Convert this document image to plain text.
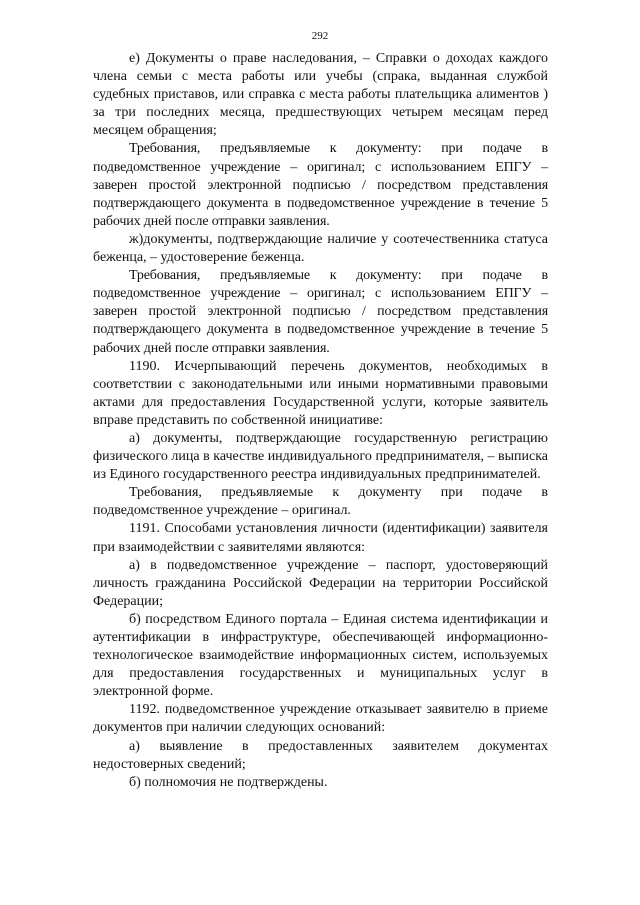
292

е) Документы о праве наследования, – Справки о доходах каждого члена семьи с места работы или учебы (спрака, выданная службой судебных приставов, или справка с места работы плательщика алиментов ) за три последних месяца, предшествующих четырем месяцам перед месяцем обращения;

Требования, предъявляемые к документу: при подаче в подведомственное учреждение – оригинал; с использованием ЕПГУ – заверен простой электронной подписью / посредством представления подтверждающего документа в подведомственное учреждение в течение 5 рабочих дней после отправки заявления.

ж)документы, подтверждающие наличие у соотечественника статуса беженца, – удостоверение беженца.

Требования, предъявляемые к документу: при подаче в подведомственное учреждение – оригинал; с использованием ЕПГУ – заверен простой электронной подписью / посредством представления подтверждающего документа в подведомственное учреждение в течение 5 рабочих дней после отправки заявления.

1190. Исчерпывающий перечень документов, необходимых в соответствии с законодательными или иными нормативными правовыми актами для предоставления Государственной услуги, которые заявитель вправе представить по собственной инициативе:

а) документы, подтверждающие государственную регистрацию физического лица в качестве индивидуального предпринимателя, – выписка из Единого государственного реестра индивидуальных предпринимателей.

Требования, предъявляемые к документу при подаче в подведомственное учреждение – оригинал.

1191. Способами установления личности (идентификации) заявителя при взаимодействии с заявителями являются:

а) в подведомственное учреждение – паспорт, удостоверяющий личность гражданина Российской Федерации на территории Российской Федерации;

б) посредством Единого портала – Единая система идентификации и аутентификации в инфраструктуре, обеспечивающей информационно-технологическое взаимодействие информационных систем, используемых для предоставления государственных и муниципальных услуг в электронной форме.

1192. подведомственное учреждение отказывает заявителю в приеме документов при наличии следующих оснований:

а) выявление в предоставленных заявителем документах недостоверных сведений;

б) полномочия не подтверждены.
